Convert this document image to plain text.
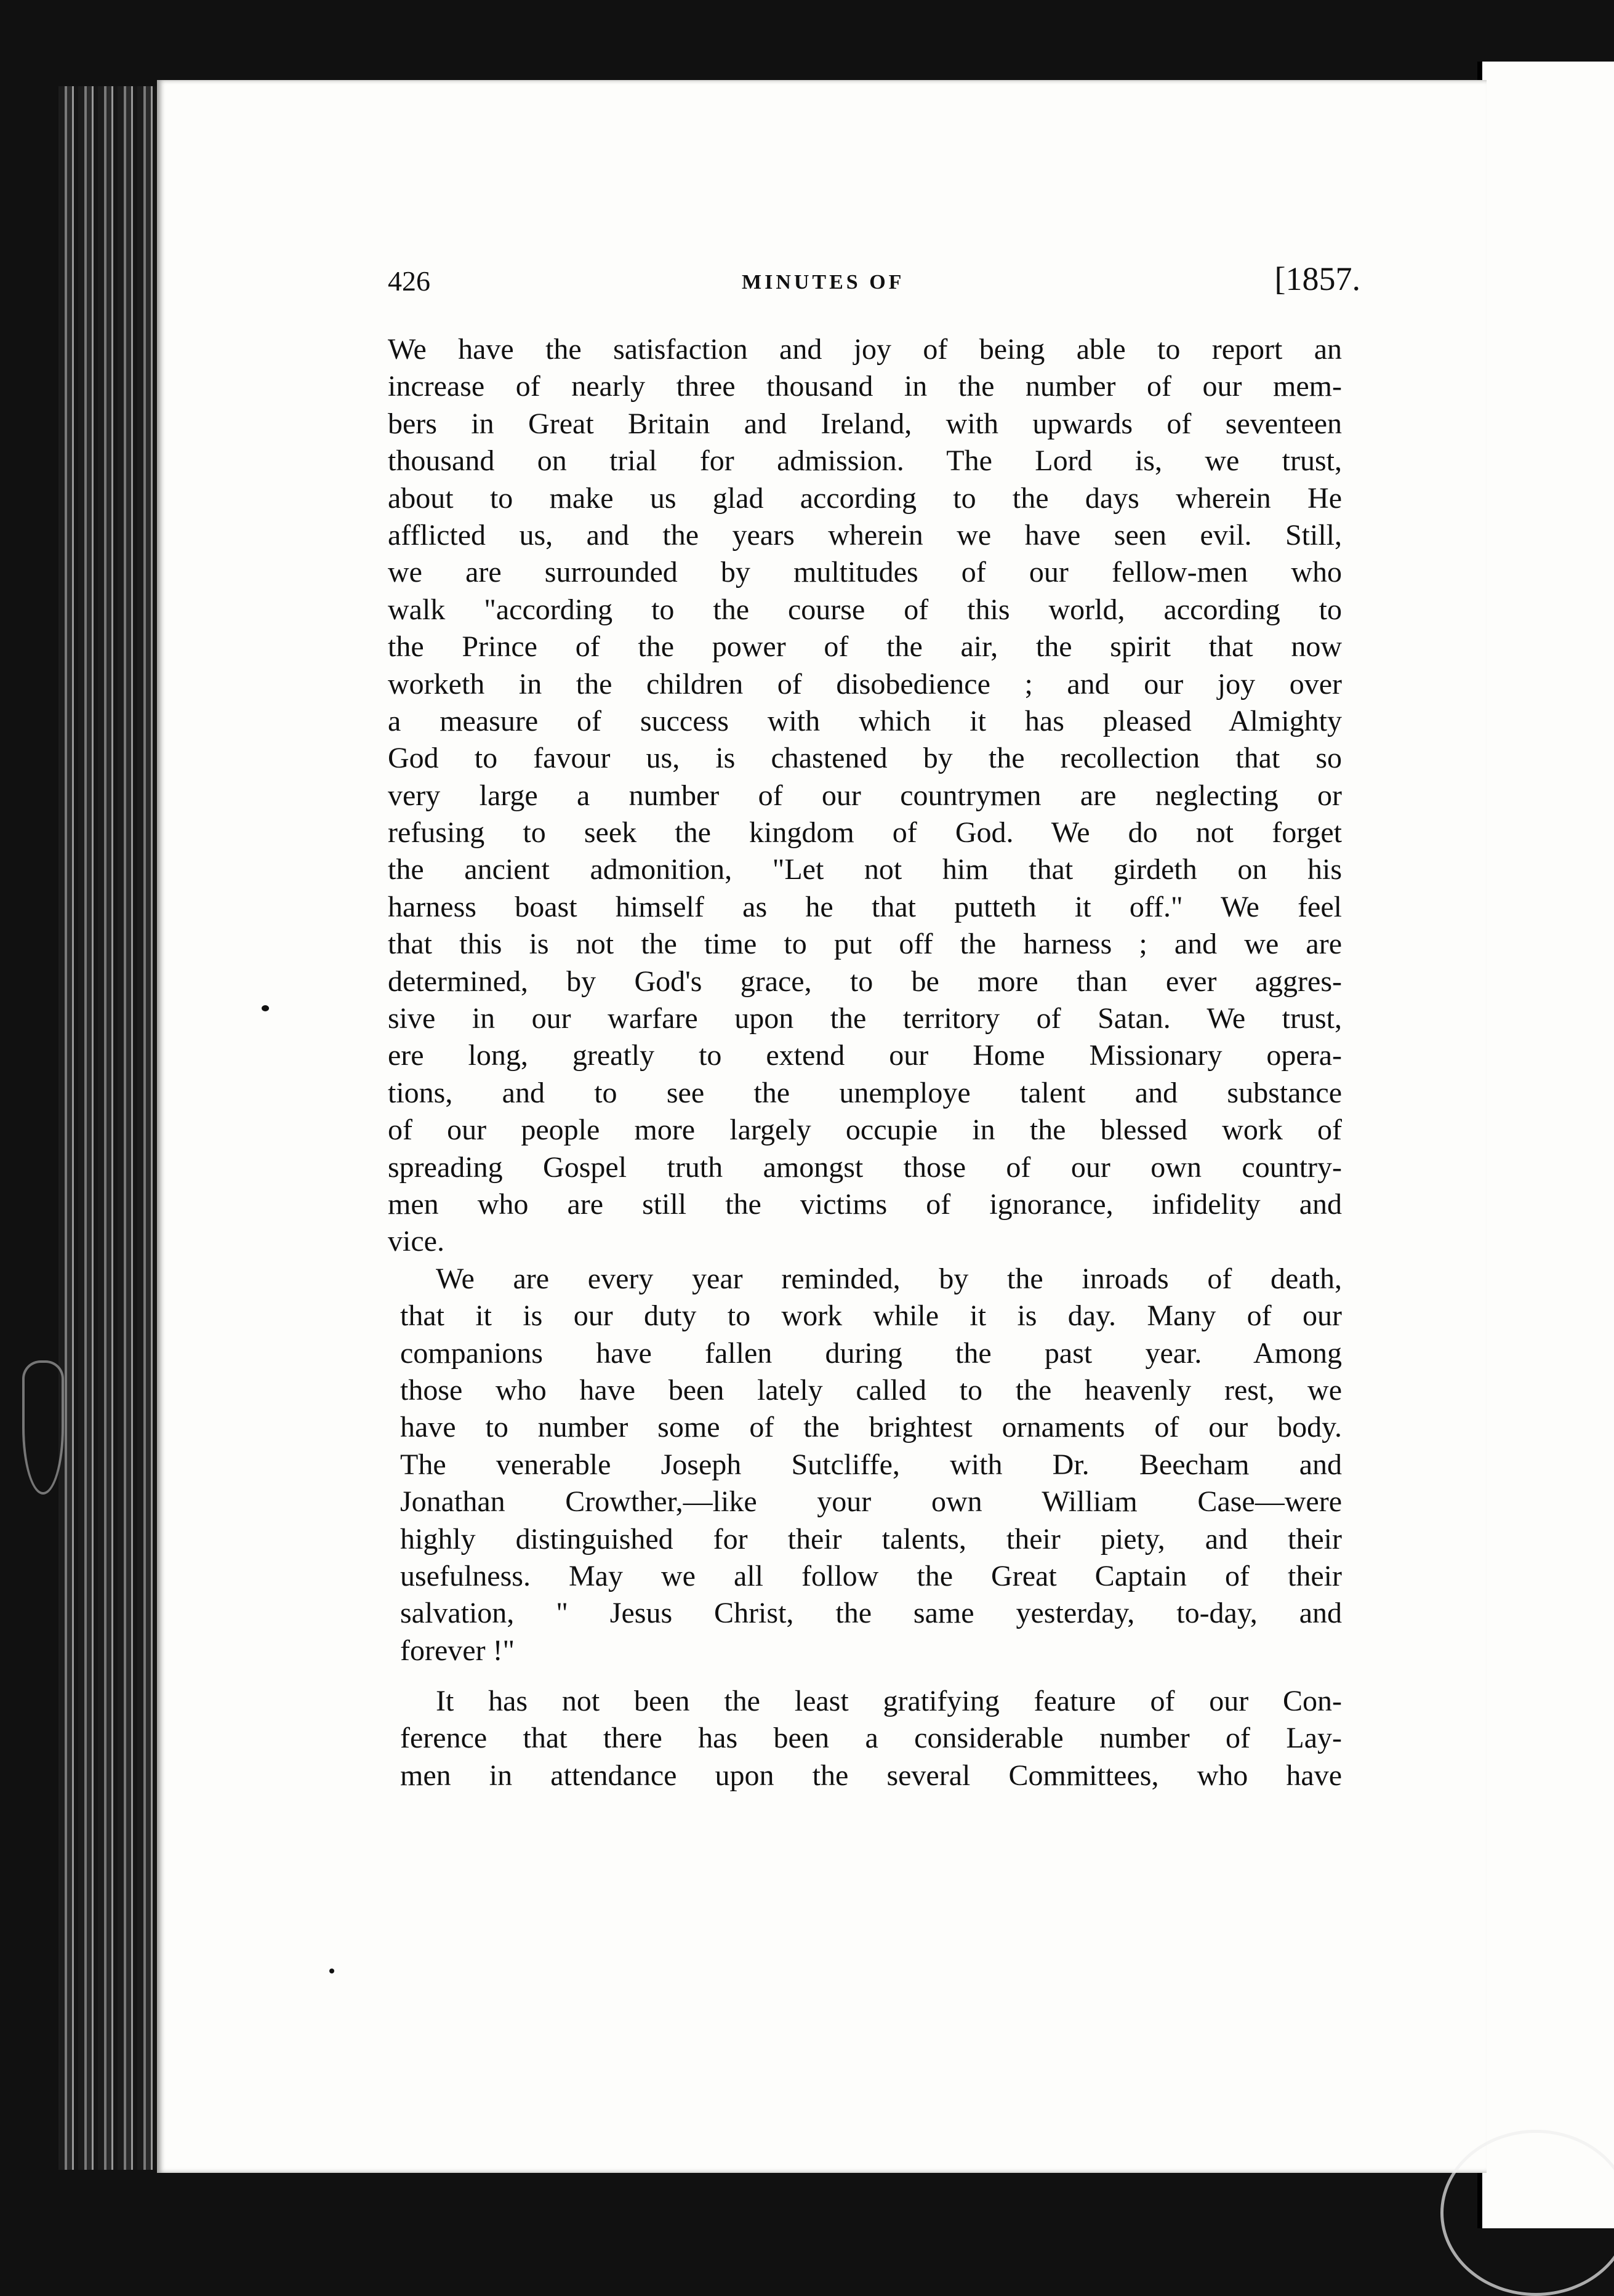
426	MINUTES OF	[1857.
We have the satisfaction and joy of being able to report an
increase of nearly three thousand in the number of our mem-
bers in Great Britain and Ireland, with upwards of seventeen
thousand on trial for admission. The Lord is, we trust,
about to make us glad according to the days wherein He
afflicted us, and the years wherein we have seen evil. Still,
we are surrounded by multitudes of our fellow-men who
walk "according to the course of this world, according to
the Prince of the power of the air, the spirit that now
worketh in the children of disobedience ; and our joy over
a measure of success with which it has pleased Almighty
God to favour us, is chastened by the recollection that so
very large a number of our countrymen are neglecting or
refusing to seek the kingdom of God. We do not forget
the ancient admonition, "Let not him that girdeth on his
harness boast himself as he that putteth it off." We feel
that this is not the time to put off the harness ; and we are
determined, by God's grace, to be more than ever aggres-
sive in our warfare upon the territory of Satan. We trust,
ere long, greatly to extend our Home Missionary opera-
tions, and to see the unemploye talent and substance
of our people more largely occupie in the blessed work of
spreading Gospel truth amongst those of our own country-
men who are still the victims of ignorance, infidelity and
vice.
We are every year reminded, by the inroads of death,
that it is our duty to work while it is day. Many of our
companions have fallen during the past year. Among
those who have been lately called to the heavenly rest, we
have to number some of the brightest ornaments of our body.
The venerable Joseph Sutcliffe, with Dr. Beecham and
Jonathan Crowther,—like your own William Case—were
highly distinguished for their talents, their piety, and their
usefulness. May we all follow the Great Captain of their
salvation, " Jesus Christ, the same yesterday, to-day, and
forever !"
It has not been the least gratifying feature of our Con-
ference that there has been a considerable number of Lay-
men in attendance upon the several Committees, who have
